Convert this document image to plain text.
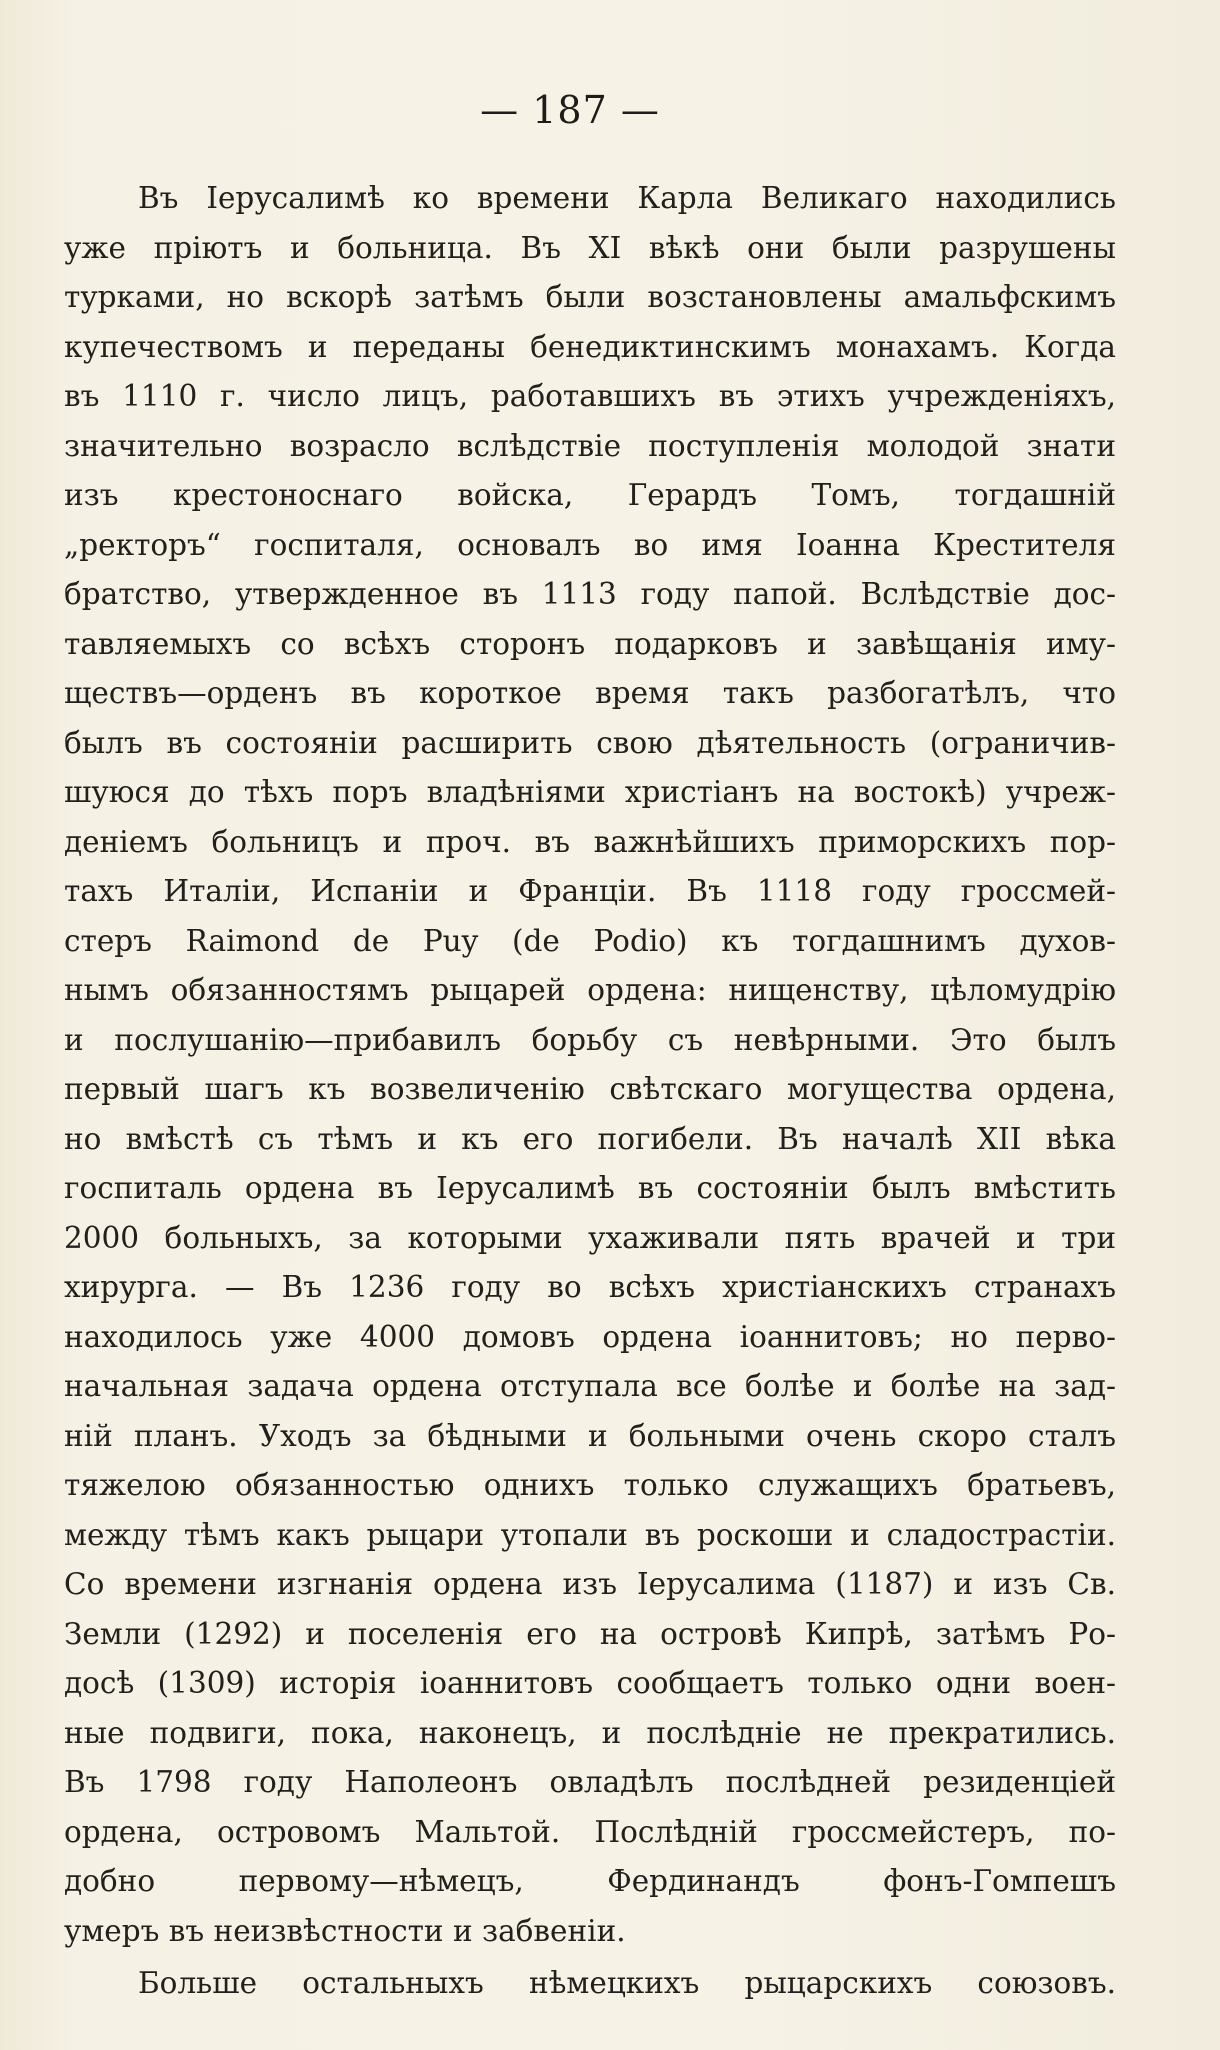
— 187 —
Въ Іерусалимѣ ко времени Карла Великаго находились
уже пріютъ и больница. Въ XI вѣкѣ они были разрушены
турками, но вскорѣ затѣмъ были возстановлены амальфскимъ
купечествомъ и переданы бенедиктинскимъ монахамъ. Когда
въ 1110 г. число лицъ, работавшихъ въ этихъ учрежденіяхъ,
значительно возрасло вслѣдствіе поступленія молодой знати
изъ крестоноснаго войска, Герардъ Томъ, тогдашній
„ректоръ“ госпиталя, основалъ во имя Іоанна Крестителя
братство, утвержденное въ 1113 году папой. Вслѣдствіе дос-
тавляемыхъ со всѣхъ сторонъ подарковъ и завѣщанія иму-
ществъ—орденъ въ короткое время такъ разбогатѣлъ, что
былъ въ состояніи расширить свою дѣятельность (ограничив-
шуюся до тѣхъ поръ владѣніями христіанъ на востокѣ) учреж-
деніемъ больницъ и проч. въ важнѣйшихъ приморскихъ пор-
тахъ Италіи, Испаніи и Франціи. Въ 1118 году гроссмей-
стеръ Raimond de Puy (de Podio) къ тогдашнимъ духов-
нымъ обязанностямъ рыцарей ордена: нищенству, цѣломудрію
и послушанію—прибавилъ борьбу съ невѣрными. Это былъ
первый шагъ къ возвеличенію свѣтскаго могущества ордена,
но вмѣстѣ съ тѣмъ и къ его погибели. Въ началѣ XII вѣка
госпиталь ордена въ Іерусалимѣ въ состояніи былъ вмѣстить
2000 больныхъ, за которыми ухаживали пять врачей и три
хирурга. — Въ 1236 году во всѣхъ христіанскихъ странахъ
находилось уже 4000 домовъ ордена іоаннитовъ; но перво-
начальная задача ордена отступала все болѣе и болѣе на зад-
ній планъ. Уходъ за бѣдными и больными очень скоро сталъ
тяжелою обязанностью однихъ только служащихъ братьевъ,
между тѣмъ какъ рыцари утопали въ роскоши и сладострастіи.
Со времени изгнанія ордена изъ Іерусалима (1187) и изъ Св.
Земли (1292) и поселенія его на островѣ Кипрѣ, затѣмъ Ро-
досѣ (1309) исторія іоаннитовъ сообщаетъ только одни воен-
ные подвиги, пока, наконецъ, и послѣдніе не прекратились.
Въ 1798 году Наполеонъ овладѣлъ послѣдней резиденціей
ордена, островомъ Мальтой. Послѣдній гроссмейстеръ, по-
добно первому—нѣмецъ, Фердинандъ фонъ-Гомпешъ
умеръ въ неизвѣстности и забвеніи.
Больше остальныхъ нѣмецкихъ рыцарскихъ союзовъ.
